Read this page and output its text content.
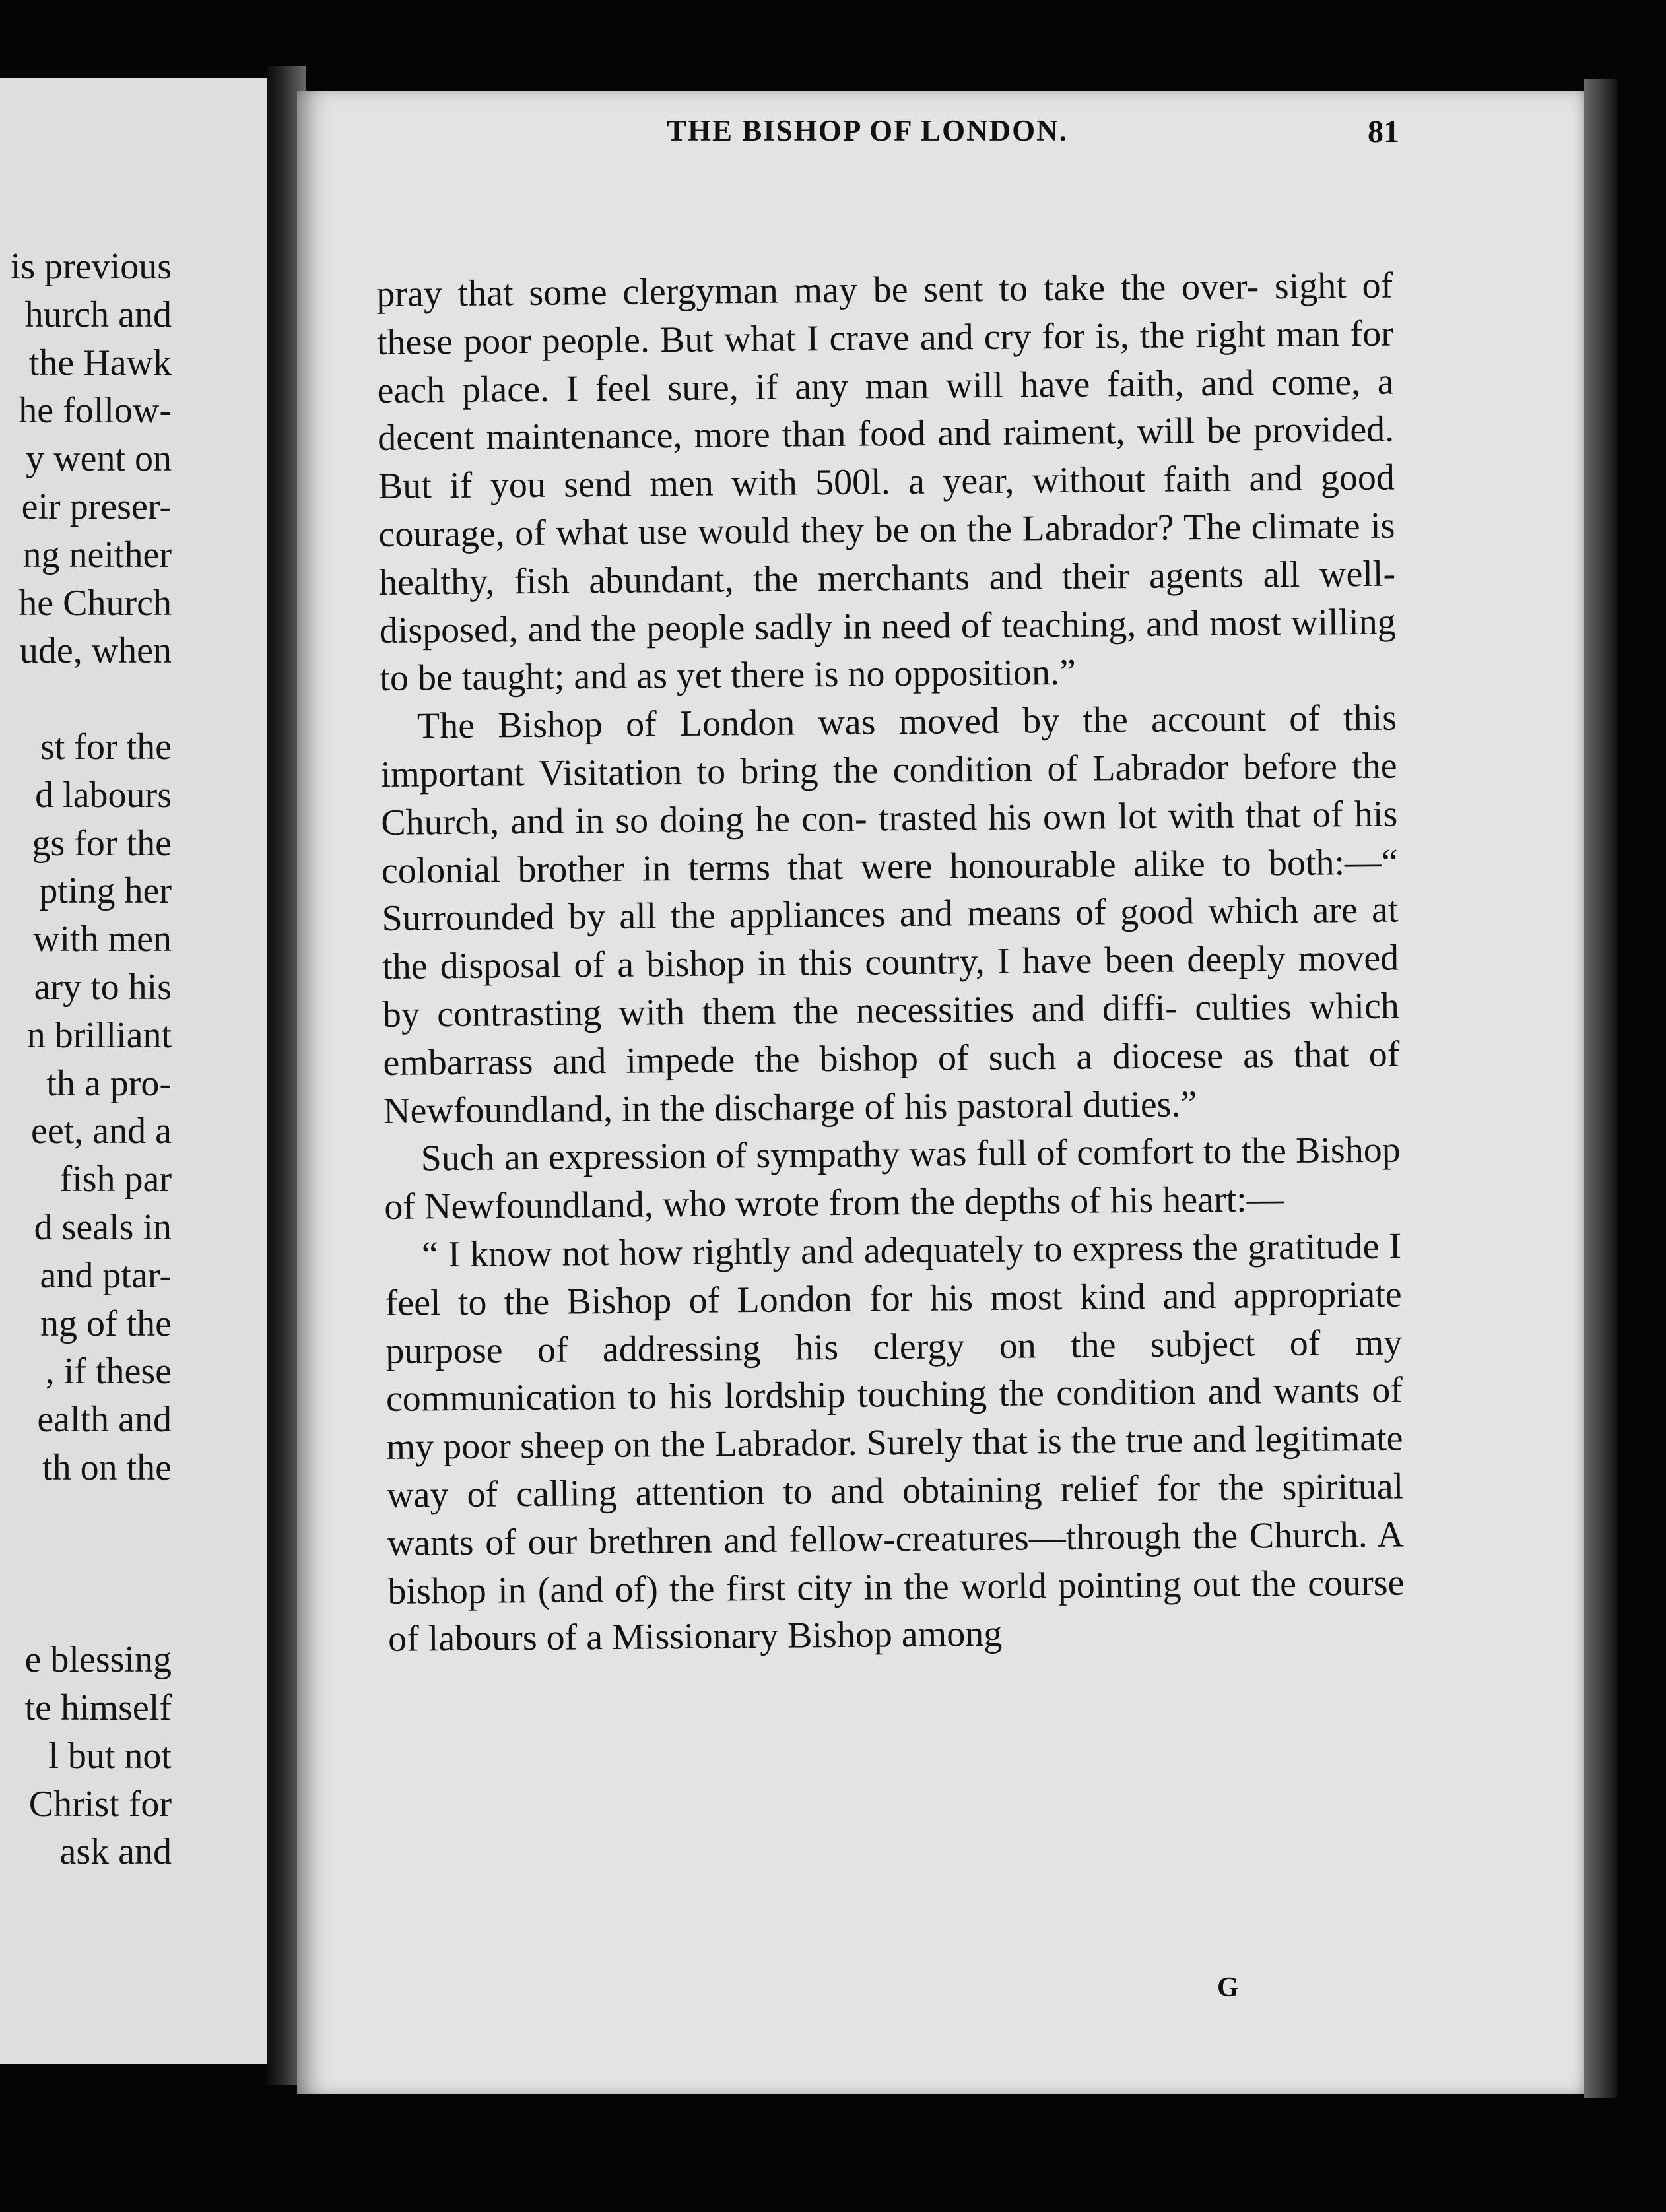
is previous
hurch and
the Hawk
he follow-
y went on
eir preser-
ng neither
he Church
ude, when
st for the
d labours
gs for the
pting her
with men
ary to his
n brilliant
th a pro-
eet, and a
fish par
d seals in
and ptar-
ng of the
, if these
ealth and
th on the
e blessing
te himself
l but not
Christ for
ask and
THE BISHOP OF LONDON.	81

pray that some clergyman may be sent to take the over- sight of these poor people. But what I crave and cry for is, the right man for each place. I feel sure, if any man will have faith, and come, a decent maintenance, more than food and raiment, will be provided. But if you send men with 500l. a year, without faith and good courage, of what use would they be on the Labrador? The climate is healthy, fish abundant, the merchants and their agents all well-disposed, and the people sadly in need of teaching, and most willing to be taught; and as yet there is no opposition.”

The Bishop of London was moved by the account of this important Visitation to bring the condition of Labrador before the Church, and in so doing he con- trasted his own lot with that of his colonial brother in terms that were honourable alike to both:—“ Surrounded by all the appliances and means of good which are at the disposal of a bishop in this country, I have been deeply moved by contrasting with them the necessities and diffi- culties which embarrass and impede the bishop of such a diocese as that of Newfoundland, in the discharge of his pastoral duties.”

Such an expression of sympathy was full of comfort to the Bishop of Newfoundland, who wrote from the depths of his heart:—

“ I know not how rightly and adequately to express the gratitude I feel to the Bishop of London for his most kind and appropriate purpose of addressing his clergy on the subject of my communication to his lordship touching the condition and wants of my poor sheep on the Labrador. Surely that is the true and legitimate way of calling attention to and obtaining relief for the spiritual wants of our brethren and fellow-creatures—through the Church. A bishop in (and of) the first city in the world pointing out the course of labours of a Missionary Bishop among

G
